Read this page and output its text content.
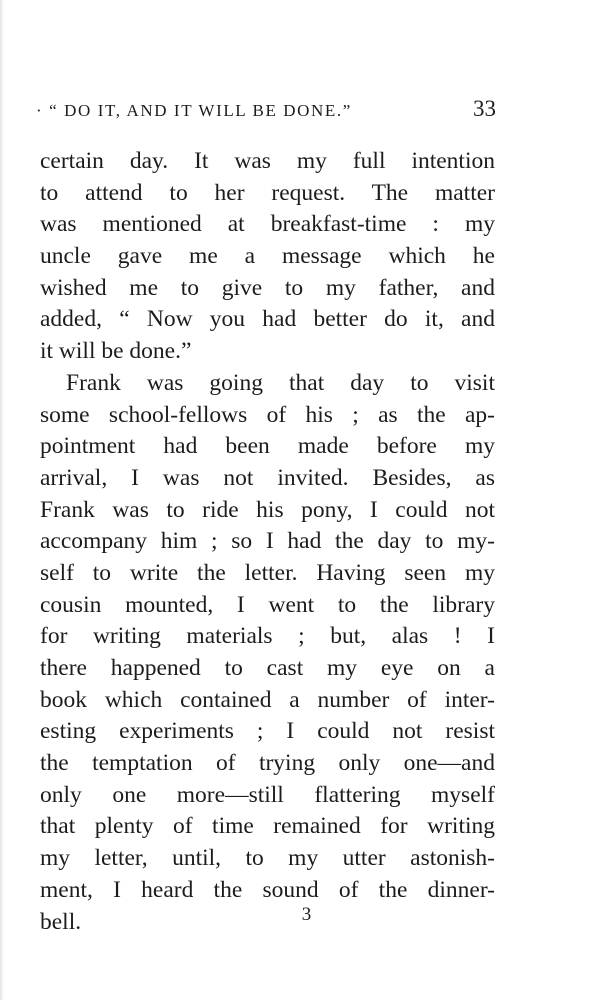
· “ DO IT, AND IT WILL BE DONE.”	33
certain day. It was my full intention
to attend to her request. The matter
was mentioned at breakfast-time : my
uncle gave me a message which he
wished me to give to my father, and
added, “ Now you had better do it, and
it will be done.”
Frank was going that day to visit
some school-fellows of his ; as the ap-
pointment had been made before my
arrival, I was not invited. Besides, as
Frank was to ride his pony, I could not
accompany him ; so I had the day to my-
self to write the letter. Having seen my
cousin mounted, I went to the library
for writing materials ; but, alas ! I
there happened to cast my eye on a
book which contained a number of inter-
esting experiments ; I could not resist
the temptation of trying only one—and
only one more—still flattering myself
that plenty of time remained for writing
my letter, until, to my utter astonish-
ment, I heard the sound of the dinner-
bell.	3
